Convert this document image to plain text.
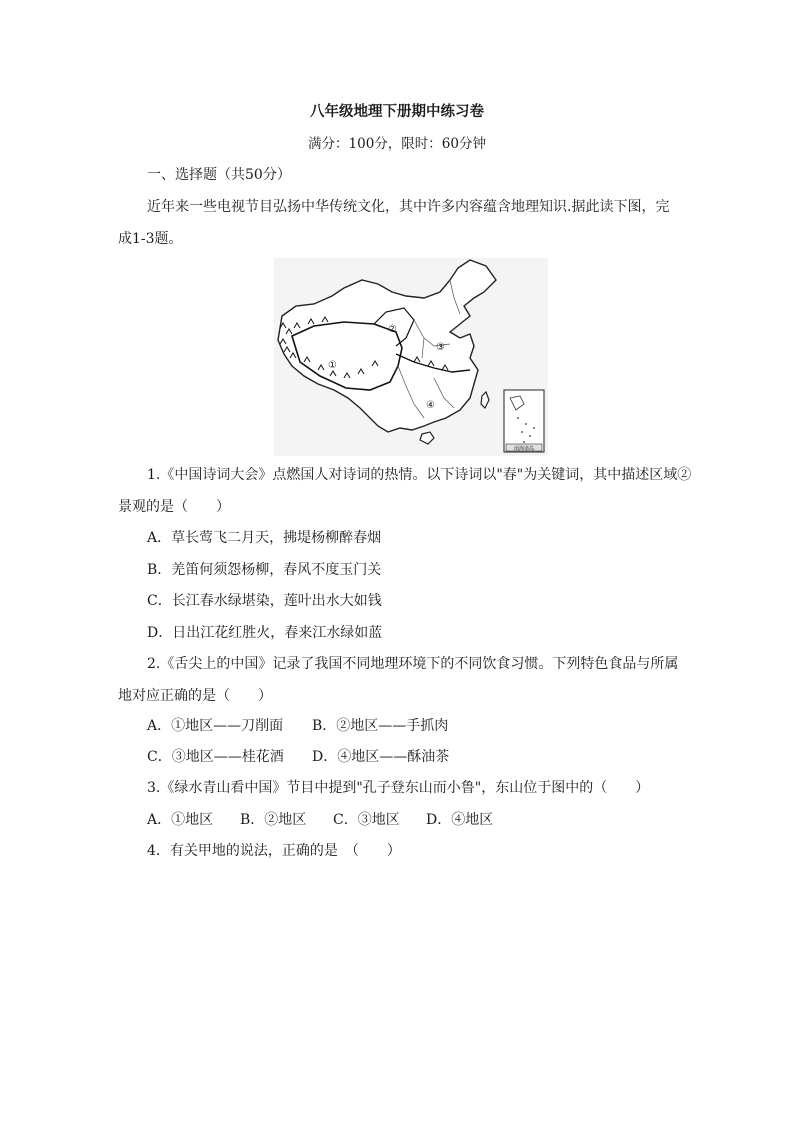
八年级地理下册期中练习卷
满分：100分，限时：60分钟
一、选择题（共50分）
近年来一些电视节目弘扬中华传统文化，其中许多内容蕴含地理知识.据此读下图，完
成1-3题。
①
②
③
④
南海诸岛
1.《中国诗词大会》点燃国人对诗词的热情。以下诗词以"春"为关键词，其中描述区域②
景观的是（　　）
A．草长莺飞二月天，拂堤杨柳醉春烟
B．羌笛何须怨杨柳，春风不度玉门关
C．长江春水绿堪染，莲叶出水大如钱
D．日出江花红胜火，春来江水绿如蓝
2.《舌尖上的中国》记录了我国不同地理环境下的不同饮食习惯。下列特色食品与所属
地对应正确的是（　　）
A．①地区——刀削面 B．②地区——手抓肉
C．③地区——桂花酒 D．④地区——酥油茶
3.《绿水青山看中国》节目中提到"孔子登东山而小鲁"，东山位于图中的（　　）
A．①地区 B．②地区 C．③地区 D．④地区
4．有关甲地的说法，正确的是　（　　）
